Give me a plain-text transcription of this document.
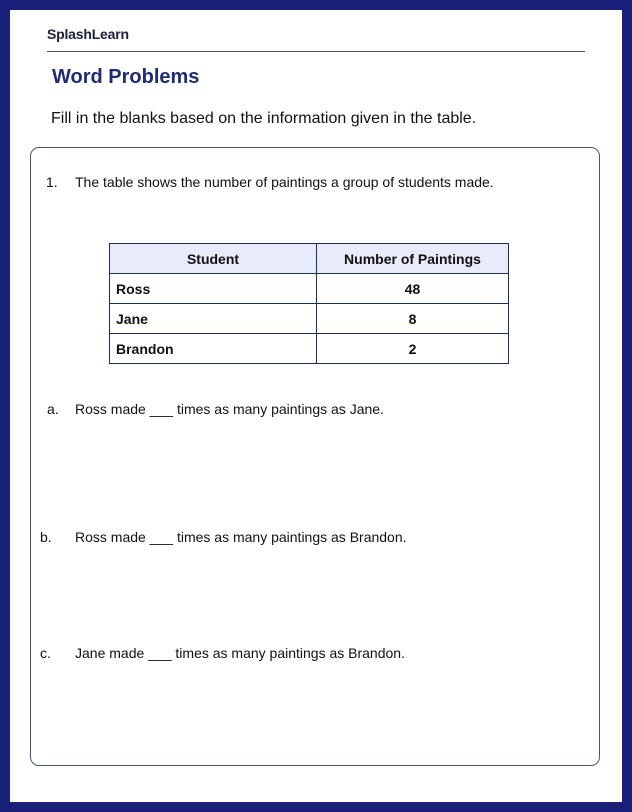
SplashLearn
Word Problems
Fill in the blanks based on the information given in the table.
1. The table shows the number of paintings a group of students made.
Student	Number of Paintings
Ross	48
Jane	8
Brandon	2
a. Ross made ___ times as many paintings as Jane.
b. Ross made ___ times as many paintings as Brandon.
c. Jane made ___ times as many paintings as Brandon.
